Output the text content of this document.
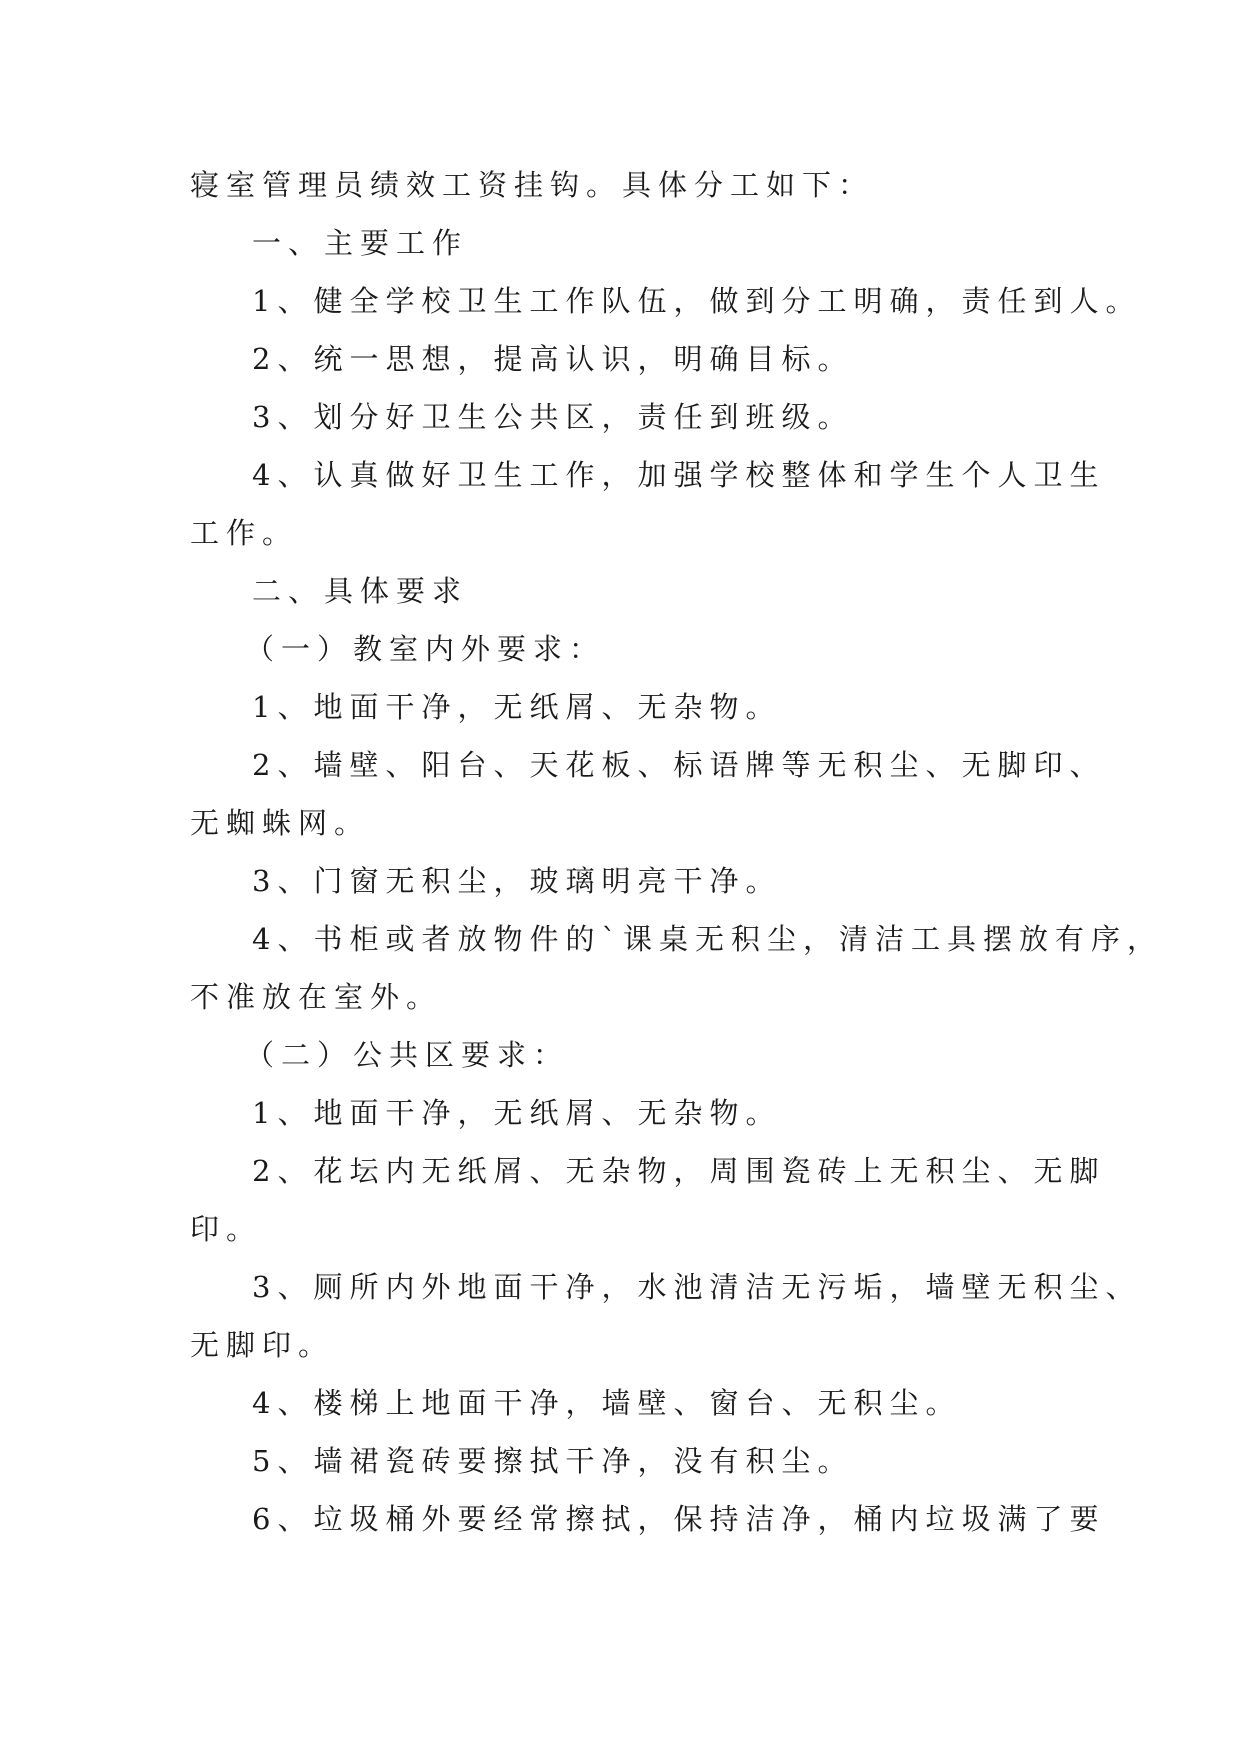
寝室管理员绩效工资挂钩。具体分工如下：

一、主要工作

1、健全学校卫生工作队伍，做到分工明确，责任到人。

2、统一思想，提高认识，明确目标。

3、划分好卫生公共区，责任到班级。

4、认真做好卫生工作，加强学校整体和学生个人卫生

工作。

二、具体要求

（一）教室内外要求：

1、地面干净，无纸屑、无杂物。

2、墙壁、阳台、天花板、标语牌等无积尘、无脚印、

无蜘蛛网。

3、门窗无积尘，玻璃明亮干净。

4、书柜或者放物件的`课桌无积尘，清洁工具摆放有序，

不准放在室外。

（二）公共区要求：

1、地面干净，无纸屑、无杂物。

2、花坛内无纸屑、无杂物，周围瓷砖上无积尘、无脚

印。

3、厕所内外地面干净，水池清洁无污垢，墙壁无积尘、

无脚印。

4、楼梯上地面干净，墙壁、窗台、无积尘。

5、墙裙瓷砖要擦拭干净，没有积尘。

6、垃圾桶外要经常擦拭，保持洁净，桶内垃圾满了要
